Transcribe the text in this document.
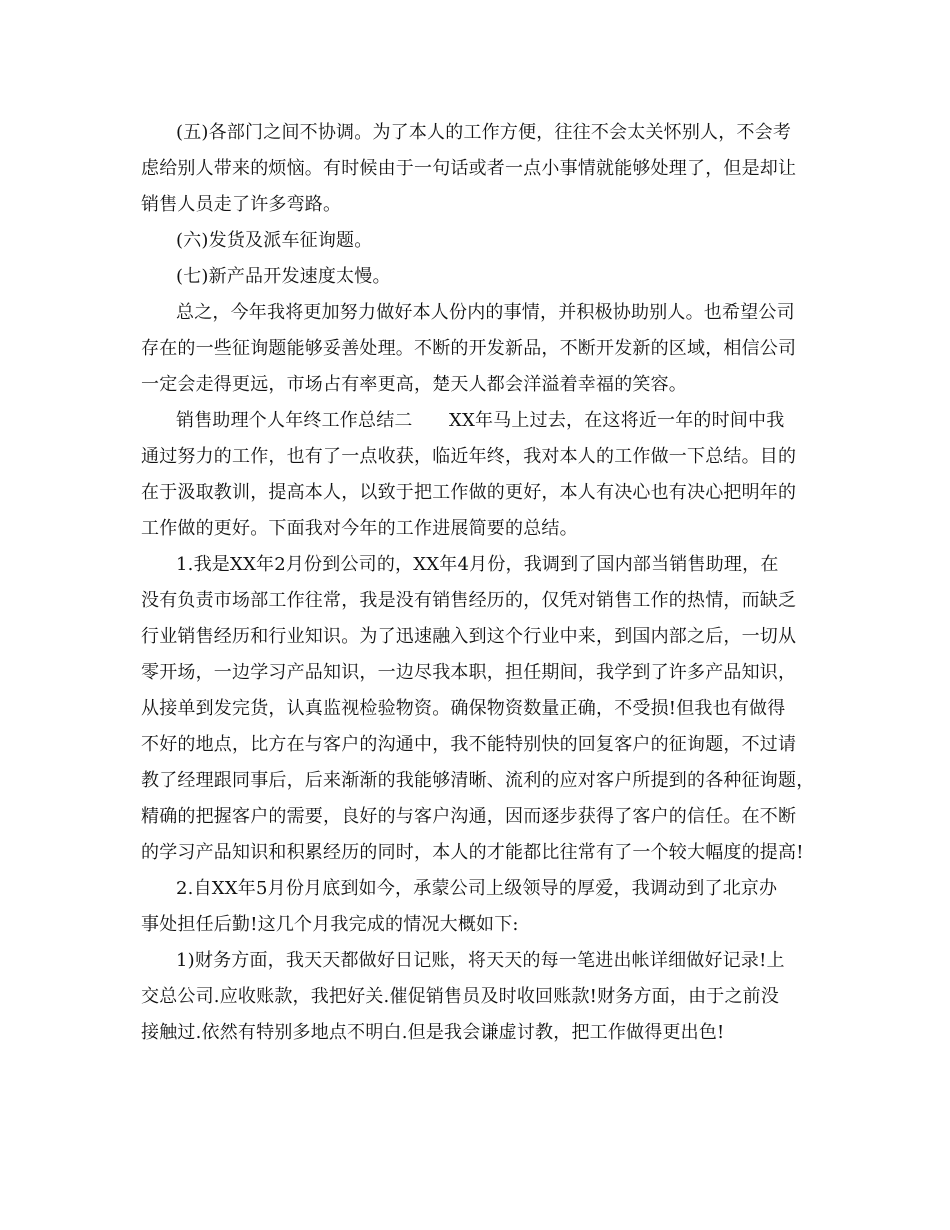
(五)各部门之间不协调。为了本人的工作方便，往往不会太关怀别人，不会考
虑给别人带来的烦恼。有时候由于一句话或者一点小事情就能够处理了，但是却让
销售人员走了许多弯路。
(六)发货及派车征询题。
(七)新产品开发速度太慢。
总之，今年我将更加努力做好本人份内的事情，并积极协助别人。也希望公司
存在的一些征询题能够妥善处理。不断的开发新品，不断开发新的区域，相信公司
一定会走得更远，市场占有率更高，楚天人都会洋溢着幸福的笑容。
销售助理个人年终工作总结二　　XX年马上过去，在这将近一年的时间中我
通过努力的工作，也有了一点收获，临近年终，我对本人的工作做一下总结。目的
在于汲取教训，提高本人，以致于把工作做的更好，本人有决心也有决心把明年的
工作做的更好。下面我对今年的工作进展简要的总结。
1.我是XX年2月份到公司的，XX年4月份，我调到了国内部当销售助理，在
没有负责市场部工作往常，我是没有销售经历的，仅凭对销售工作的热情，而缺乏
行业销售经历和行业知识。为了迅速融入到这个行业中来，到国内部之后，一切从
零开场，一边学习产品知识，一边尽我本职，担任期间，我学到了许多产品知识，
从接单到发完货，认真监视检验物资。确保物资数量正确，不受损!但我也有做得
不好的地点，比方在与客户的沟通中，我不能特别快的回复客户的征询题，不过请
教了经理跟同事后，后来渐渐的我能够清晰、流利的应对客户所提到的各种征询题，
精确的把握客户的需要，良好的与客户沟通，因而逐步获得了客户的信任。在不断
的学习产品知识和积累经历的同时，本人的才能都比往常有了一个较大幅度的提高!
2.自XX年5月份月底到如今，承蒙公司上级领导的厚爱，我调动到了北京办
事处担任后勤!这几个月我完成的情况大概如下:
1)财务方面，我天天都做好日记账，将天天的每一笔进出帐详细做好记录!上
交总公司.应收账款，我把好关.催促销售员及时收回账款!财务方面，由于之前没
接触过.依然有特别多地点不明白.但是我会谦虚讨教，把工作做得更出色!
